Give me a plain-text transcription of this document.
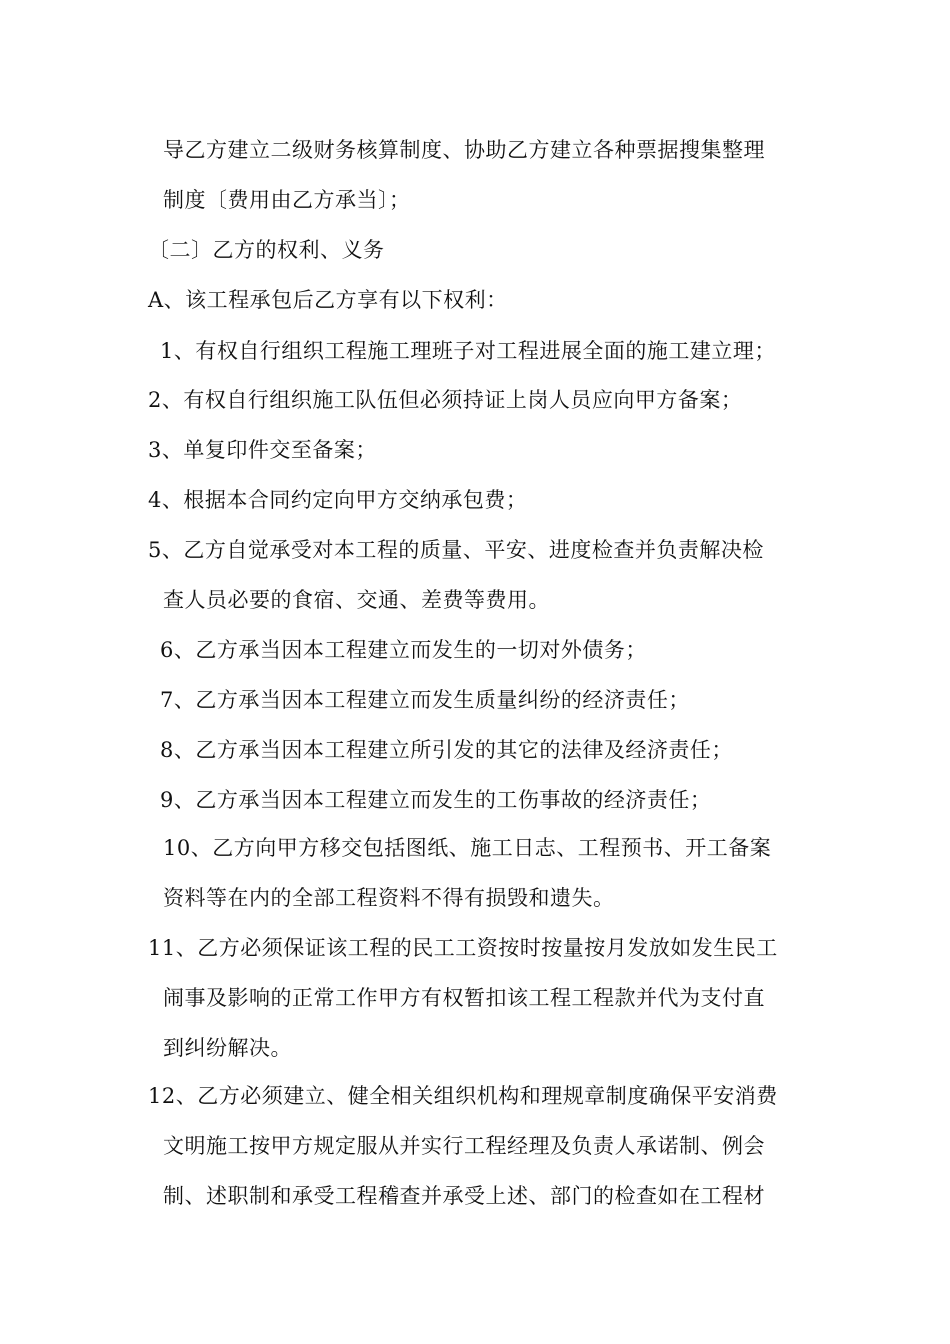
导乙方建立二级财务核算制度、协助乙方建立各种票据搜集整理
制度〔费用由乙方承当〕；
〔二〕乙方的权利、义务
A、该工程承包后乙方享有以下权利：
1、有权自行组织工程施工理班子对工程进展全面的施工建立理；
2、有权自行组织施工队伍但必须持证上岗人员应向甲方备案；
3、单复印件交至备案；
4、根据本合同约定向甲方交纳承包费；
5、乙方自觉承受对本工程的质量、平安、进度检查并负责解决检
查人员必要的食宿、交通、差费等费用。
6、乙方承当因本工程建立而发生的一切对外债务；
7、乙方承当因本工程建立而发生质量纠纷的经济责任；
8、乙方承当因本工程建立所引发的其它的法律及经济责任；
9、乙方承当因本工程建立而发生的工伤事故的经济责任；
10、乙方向甲方移交包括图纸、施工日志、工程预书、开工备案
资料等在内的全部工程资料不得有损毁和遗失。
11、乙方必须保证该工程的民工工资按时按量按月发放如发生民工
闹事及影响的正常工作甲方有权暂扣该工程工程款并代为支付直
到纠纷解决。
12、乙方必须建立、健全相关组织机构和理规章制度确保平安消费
文明施工按甲方规定服从并实行工程经理及负责人承诺制、例会
制、述职制和承受工程稽查并承受上述、部门的检查如在工程材
